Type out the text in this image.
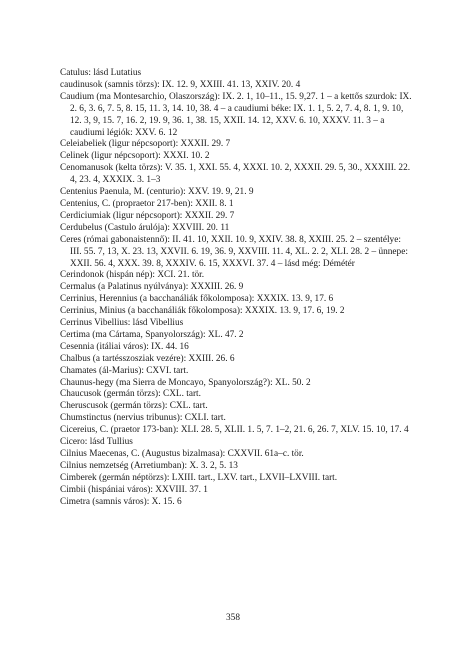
Catulus: lásd Lutatius
caudinusok (samnis törzs): IX. 12. 9, XXIII. 41. 13, XXIV. 20. 4
Caudium (ma Montesarchio, Olaszország): IX. 2. 1, 10–11., 15. 9,27. 1 – a kettős szurdok: IX. 2. 6, 3. 6, 7. 5, 8. 15, 11. 3, 14. 10, 38. 4 – a caudiumi béke: IX. 1. 1, 5. 2, 7. 4, 8. 1, 9. 10, 12. 3, 9, 15. 7, 16. 2, 19. 9, 36. 1, 38. 15, XXII. 14. 12, XXV. 6. 10, XXXV. 11. 3 – a caudiumi légiók: XXV. 6. 12
Celeiabeliek (ligur népcsoport): XXXII. 29. 7
Celinek (ligur népcsoport): XXXI. 10. 2
Cenomanusok (kelta törzs): V. 35. 1, XXI. 55. 4, XXXI. 10. 2, XXXII. 29. 5, 30., XXXIII. 22. 4, 23. 4, XXXIX. 3. 1–3
Centenius Paenula, M. (centurio): XXV. 19. 9, 21. 9
Centenius, C. (propraetor 217-ben): XXII. 8. 1
Cerdiciumiak (ligur népcsoport): XXXII. 29. 7
Cerdubelus (Castulo árulója): XXVIII. 20. 11
Ceres (római gabonaistennő): II. 41. 10, XXII. 10. 9, XXIV. 38. 8, XXIII. 25. 2 – szentélye: III. 55. 7, 13, X. 23. 13, XXVII. 6. 19, 36. 9, XXVIII. 11. 4, XL. 2. 2, XLI. 28. 2 – ünnepe: XXII. 56. 4, XXX. 39. 8, XXXIV. 6. 15, XXXVI. 37. 4 – lásd még: Démétér
Cerindonok (hispán nép): XCI. 21. tör.
Cermalus (a Palatinus nyúlványa): XXXIII. 26. 9
Cerrinius, Herennius (a bacchanáliák főkolomposa): XXXIX. 13. 9, 17. 6
Cerrinius, Minius (a bacchanáliák főkolomposa): XXXIX. 13. 9, 17. 6, 19. 2
Cerrinus Vibellius: lásd Vibellius
Certima (ma Cártama, Spanyolország): XL. 47. 2
Cesennia (itáliai város): IX. 44. 16
Chalbus (a tartésszosziak vezére): XXIII. 26. 6
Chamates (ál-Marius): CXVI. tart.
Chaunus-hegy (ma Sierra de Moncayo, Spanyolország?): XL. 50. 2
Chaucusok (germán törzs): CXL. tart.
Cheruscusok (germán törzs): CXL. tart.
Chumstinctus (nervius tribunus): CXLI. tart.
Cicereius, C. (praetor 173-ban): XLI. 28. 5, XLII. 1. 5, 7. 1–2, 21. 6, 26. 7, XLV. 15. 10, 17. 4
Cicero: lásd Tullius
Cilnius Maecenas, C. (Augustus bizalmasa): CXXVII. 61a–c. tör.
Cilnius nemzetség (Arretiumban): X. 3. 2, 5. 13
Cimberek (germán néptörzs): LXIII. tart., LXV. tart., LXVII–LXVIII. tart.
Cimbii (hispániai város): XXVIII. 37. 1
Cimetra (samnis város): X. 15. 6
358
